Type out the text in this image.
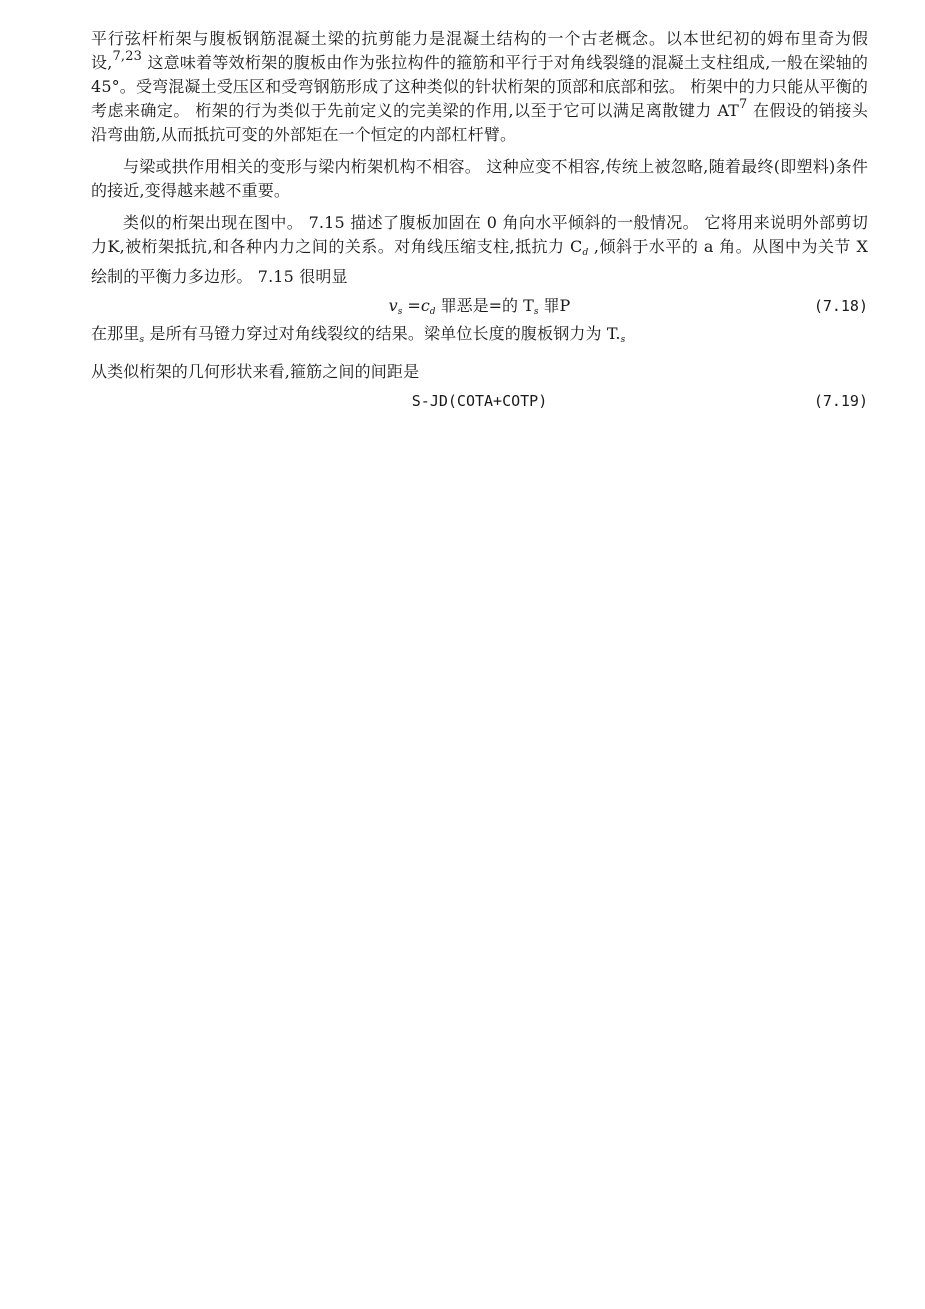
平行弦杆桁架与腹板钢筋混凝土梁的抗剪能力是混凝土结构的一个古老概念。以本世纪初的姆布里奇为假设,$^{7,23}$ 这意味着等效桁架的腹板由作为张拉构件的箍筋和平行于对角线裂缝的混凝土支柱组成,一般在梁轴的 45°。受弯混凝土受压区和受弯钢筋形成了这种类似的针状桁架的顶部和底部和弦。 桁架中的力只能从平衡的考虑来确定。 桁架的行为类似于先前定义的完美梁的作用,以至于它可以满足离散键力 $AT^7$ 在假设的销接头沿弯曲筋,从而抵抗可变的外部矩在一个恒定的内部杠杆臂。

与梁或拱作用相关的变形与梁内桁架机构不相容。 这种应变不相容,传统上被忽略,随着最终(即塑料)条件的接近,变得越来越不重要。

类似的桁架出现在图中。 7.15 描述了腹板加固在 0 角向水平倾斜的一般情况。 它将用来说明外部剪切力K,被桁架抵抗,和各种内力之间的关系。对角线压缩支柱,抵抗力 $C_d$ ,倾斜于水平的 a 角。从图中为关节 X 绘制的平衡力多边形。 7.15 很明显

$v_s =c_d$ 罪恶是=的 $T_s$ 罪P	(7.18)

在那里$_s$ 是所有马镫力穿过对角线裂纹的结果。梁单位长度的腹板钢力为 $T._s$

从类似桁架的几何形状来看,箍筋之间的间距是

S-JD(COTA+COTP)	(7.19)
